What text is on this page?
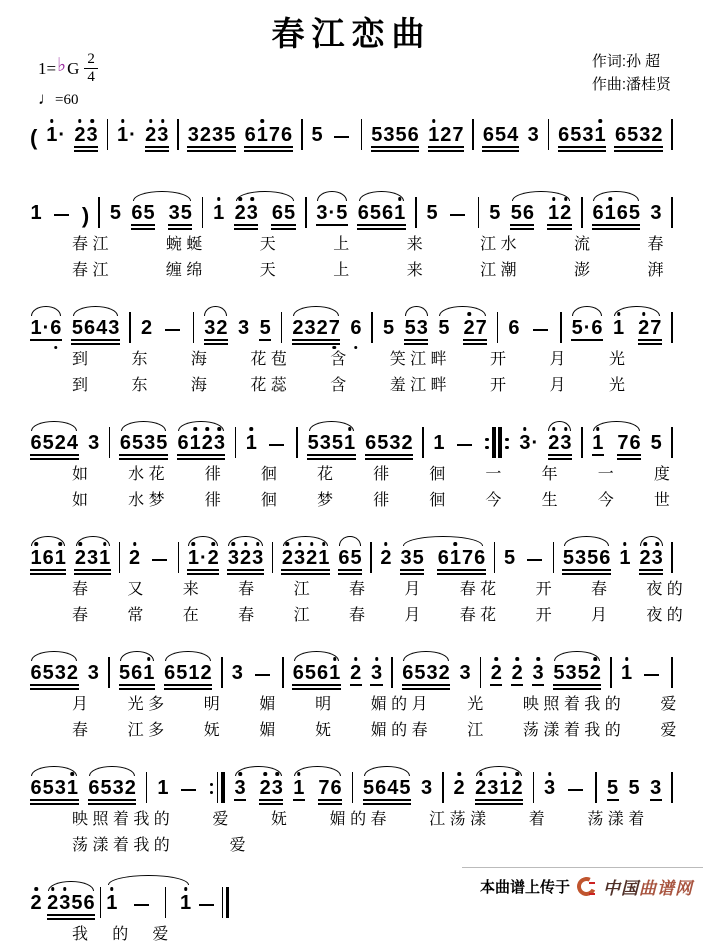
春江恋曲
1= ♭ G $\frac{2}{4}$
♩=60
作词:孙 超
作曲:潘桂贤
( 1 · 2 3 1 · 2 3 3 2 3 5 6 1 7 6 5 5 3 5 6 1 2 7 6 5 4 3 6 5 3 1 6 5 3 2
1 ) 5 6 5 3 5 1 2 3 6 5 3 · 5 6 5 6 1 5	5 5 6 1 2 6 1 6 5 3
春 江	蜿 蜒	天	上	来	江 水	流	春
春 江	缠 绵	天	上	来	江 潮	澎	湃
1 · 6 5 6 4 3 2	3 2 3 5 2 3 2 7 6 5 5 3 5 2 7 6	5 · 6 1 2 7
到	东	海	花 苞	含	笑 江 畔	开	月	光
到	东	海	花 蕊	含	羞 江 畔	开	月	光
6 5 2 4 3 6 5 3 5 6 1 2 3 1	5 3 5 1 6 5 3 2 1	3 · 2 3 1 7 6 5
如	水 花	徘	徊	花	徘	徊	一	年	一	度
如	水 梦	徘	徊	梦	徘	徊	今	生	今	世
1 6 1 2 3 1 2 1 · 2 3 2 3 2 3 2 1 6 5 2 3 5 6 1 7 6 5 5 3 5 6 1 2 3
春 又 来 春 江 春 月 春 花 开 春 夜 的
春 常 在 春 江 春 月 春 花 开 月 夜 的
6 5 3 2 3 5 6 1 6 5 1 2 3 6 5 6 1 2 3 6 5 3 2 3 2 2 3 5 3 5 2 1
月 光 多 明 媚 明 媚 的 月 光 映 照 着 我 的 爱
春 江 多 妩 媚 妩 媚 的 春 江 荡 漾 着 我 的 爱
6 5 3 1 6 5 3 2 1	3 2 3 1 7 6 5 6 4 5 3 2 2 3 1 2 3	5 5 3
映 照 着 我 的	爱	妩	媚 的 春	江 荡 漾	着	荡 漾 着
荡 漾 着 我 的	爱
2 2 3 5 6 1	1
我 的 爱
本曲谱上传于 中国曲谱网
